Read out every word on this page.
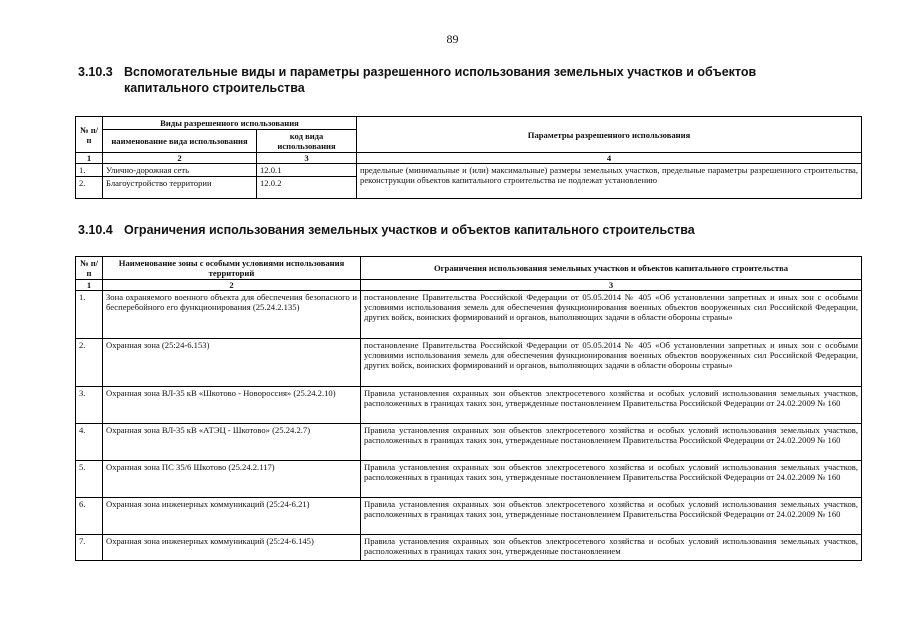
89
3.10.3 Вспомогательные виды и параметры разрешенного использования земельных участков и объектов
капитального строительства
№ п/п	Виды разрешенного использования		Параметры разрешенного использования
	наименование вида использования	код вида использования	
1	2	3	4
1.	Улично-дорожная сеть	12.0.1	предельные (минимальные и (или) максимальные) размеры земельных участков, предельные параметры разрешенного строительства, реконструкции объектов капитального строительства не подлежат установлению
2.	Благоустройство территории	12.0.2	
3.10.4 Ограничения использования земельных участков и объектов капитального строительства
№ п/п	Наименование зоны с особыми условиями использования территорий	Ограничения использования земельных участков и объектов капитального строительства
1	2	3
1.	Зона охраняемого военного объекта для обеспечения безопасного и бесперебойного его функционирования (25.24.2.135)	постановление Правительства Российской Федерации от 05.05.2014 № 405 «Об установлении запретных и иных зон с особыми условиями использования земель для обеспечения функционирования военных объектов вооруженных сил Российской Федерации, других войск, воинских формирований и органов, выполняющих задачи в области обороны страны»
2.	Охранная зона (25:24-6.153)	постановление Правительства Российской Федерации от 05.05.2014 № 405 «Об установлении запретных и иных зон с особыми условиями использования земель для обеспечения функционирования военных объектов вооруженных сил Российской Федерации, других войск, воинских формирований и органов, выполняющих задачи в области обороны страны»
3.	Охранная зона ВЛ-35 кВ «Шкотово - Новороссия» (25.24.2.10)	Правила установления охранных зон объектов электросетевого хозяйства и особых условий использования земельных участков, расположенных в границах таких зон, утвержденные постановлением Правительства Российской Федерации от 24.02.2009 № 160
4.	Охранная зона ВЛ-35 кВ «АТЭЦ - Шкотово» (25.24.2.7)	Правила установления охранных зон объектов электросетевого хозяйства и особых условий использования земельных участков, расположенных в границах таких зон, утвержденные постановлением Правительства Российской Федерации от 24.02.2009 № 160
5.	Охранная зона ПС 35/6 Шкотово (25.24.2.117)	Правила установления охранных зон объектов электросетевого хозяйства и особых условий использования земельных участков, расположенных в границах таких зон, утвержденные постановлением Правительства Российской Федерации от 24.02.2009 № 160
6.	Охранная зона инженерных коммуникаций (25:24-6.21)	Правила установления охранных зон объектов электросетевого хозяйства и особых условий использования земельных участков, расположенных в границах таких зон, утвержденные постановлением Правительства Российской Федерации от 24.02.2009 № 160
7.	Охранная зона инженерных коммуникаций (25:24-6.145)	Правила установления охранных зон объектов электросетевого хозяйства и особых условий использования земельных участков, расположенных в границах таких зон, утвержденные постановлением
